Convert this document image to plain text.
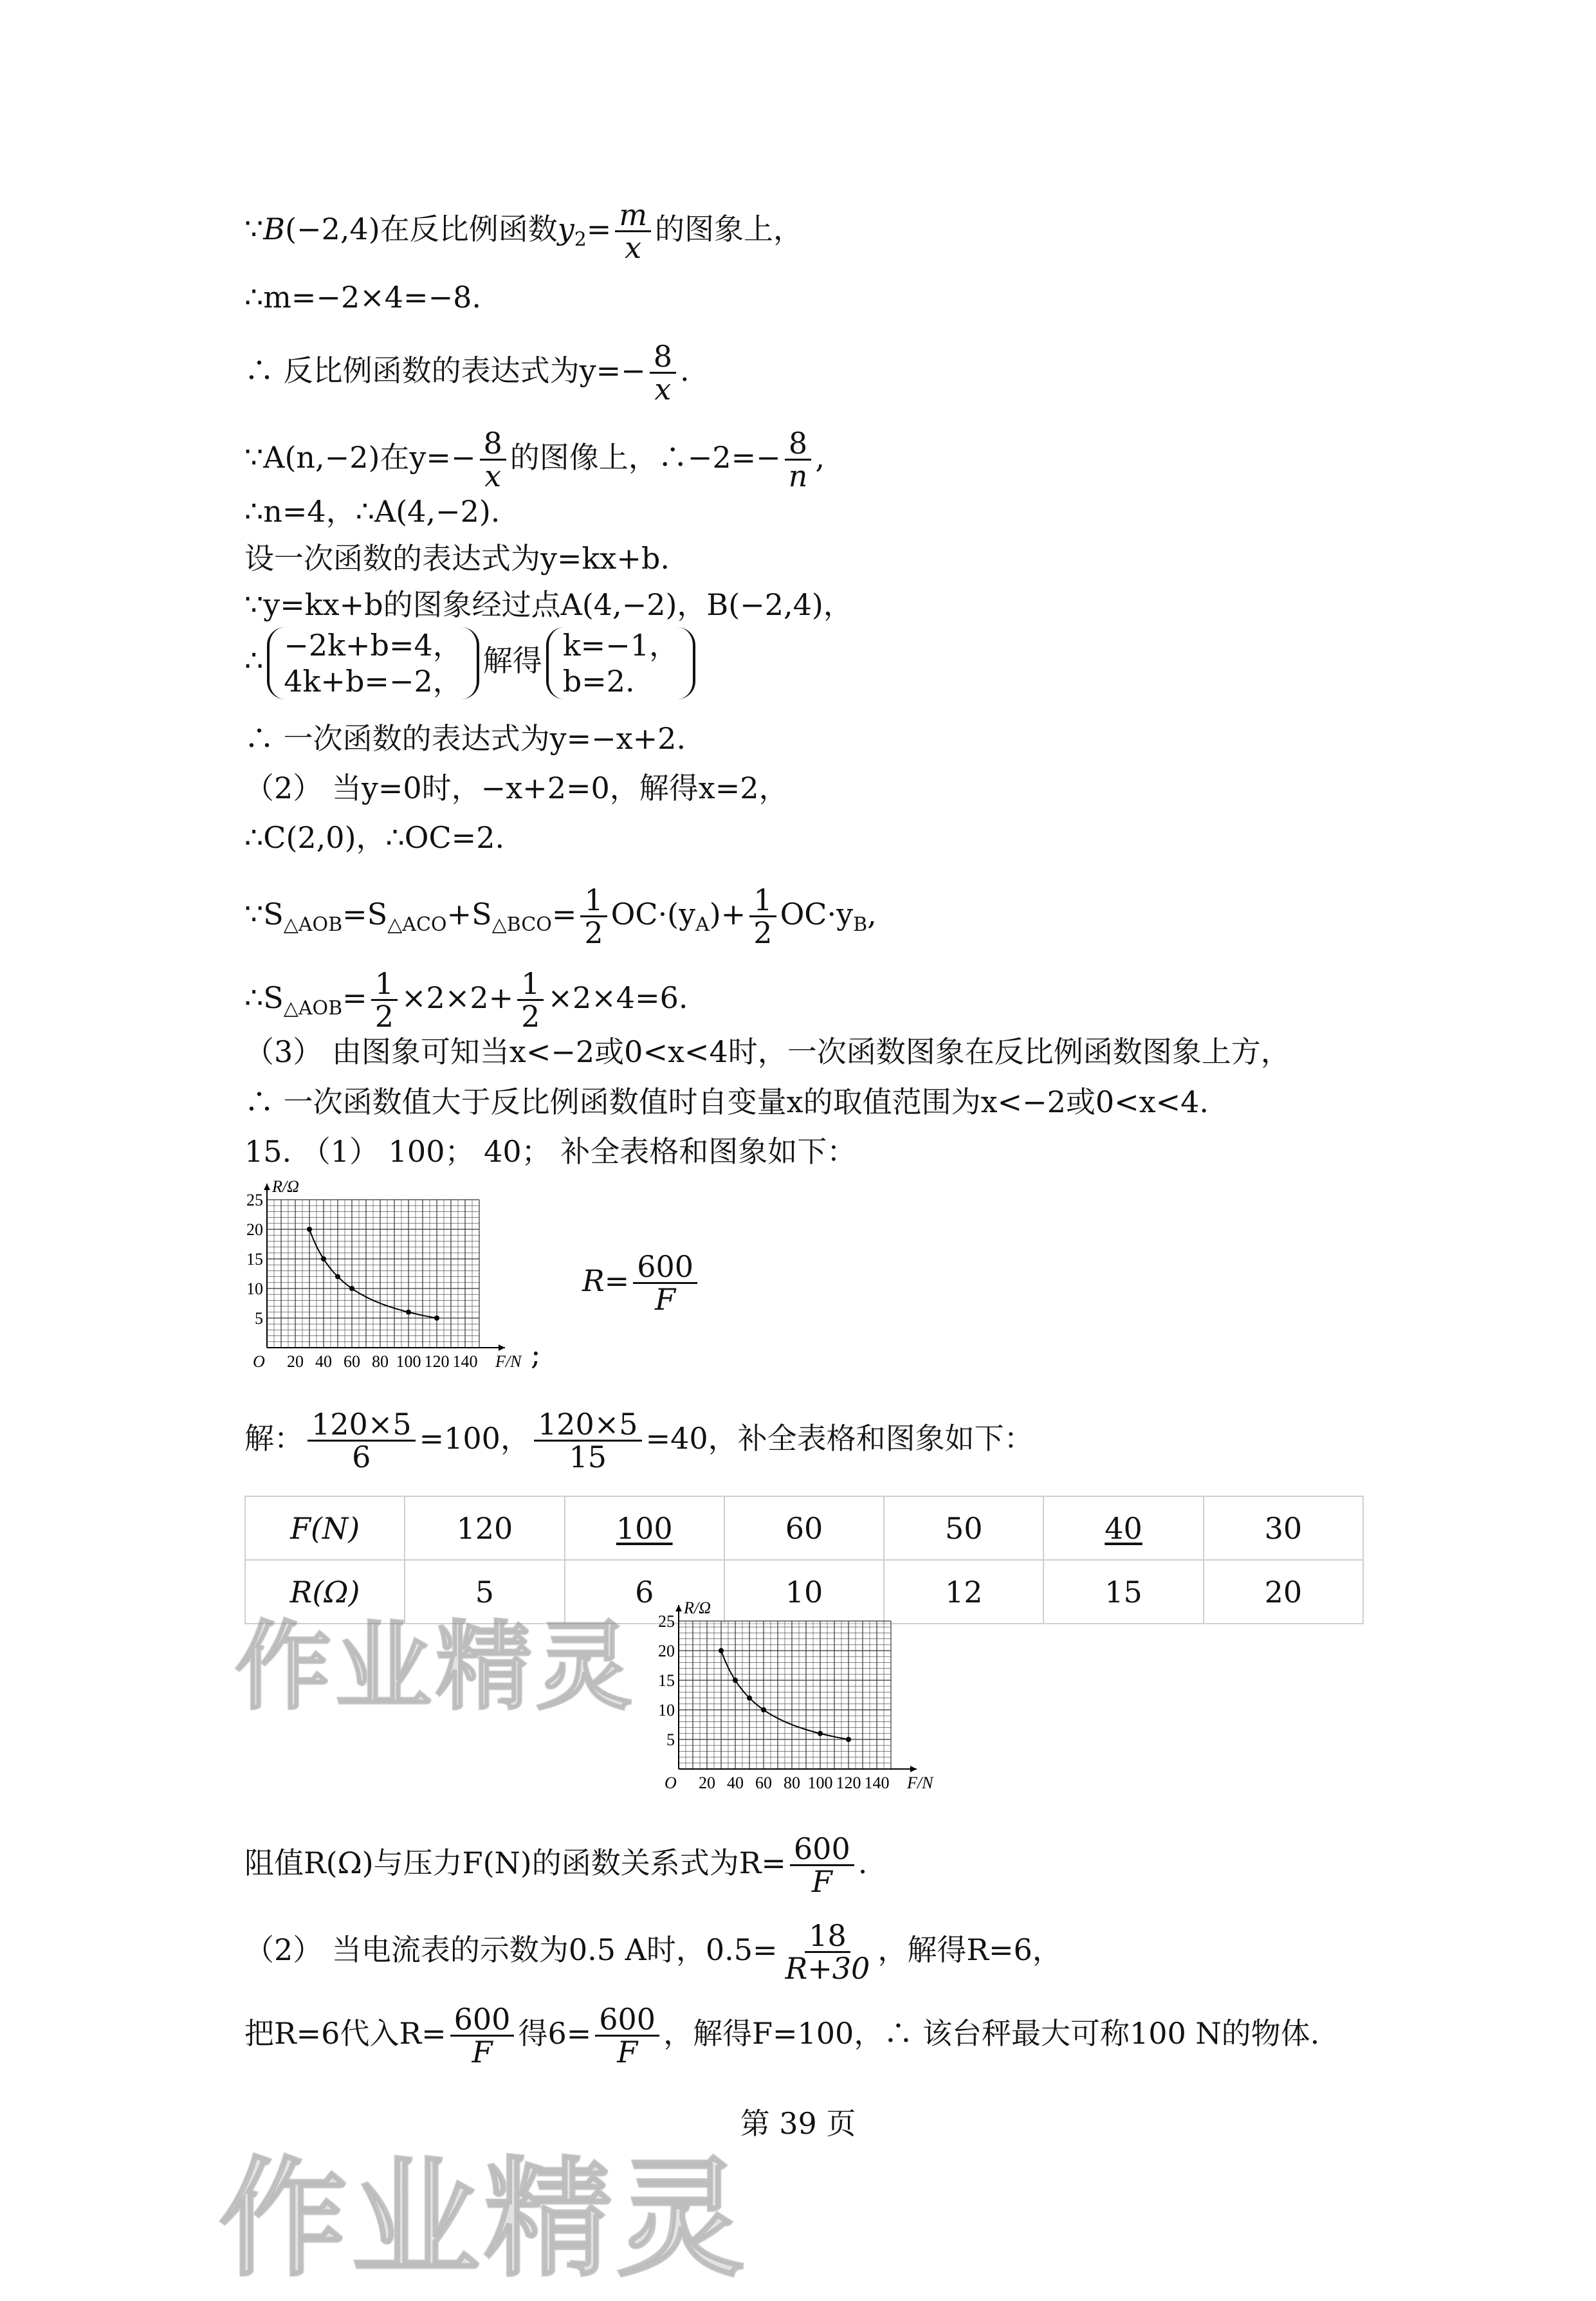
∵B(−2,4)在反比例函数$y_2= \frac{m}{x}$ 的图象上，
∴m=−2×4=−8.
∴ 反比例函数的表达式为$y=- \frac{8}{x}$ .
∵A(n,−2)在$y=- \frac{8}{x}$ 的图像上，∴−2=− $\frac{8}{n}$ ,
∴n=4，∴A(4,−2).
设一次函数的表达式为y=kx+b.
∵y=kx+b的图象经过点A(4,−2)，B(−2,4)，
∴ −2k+b=4，
4k+b=−2，
解得 k=−1，
b=2.
∴ 一次函数的表达式为y=−x+2.
（2） 当y=0时，−x+2=0，解得x=2，
∴C(2,0)，∴OC=2.
$\because S_{\triangle AOB}=S_{\triangle ACO}+S_{\triangle BCO}= \frac{1}{2} OC\cdot(y_A)+ \frac{1}{2} OC\cdot y_B$,
$\therefore S_{\triangle AOB}= \frac{1}{2} \times 2\times 2+ \frac{1}{2} \times 2\times 4=6$.
（3） 由图象可知当x<−2或0<x<4时，一次函数图象在反比例函数图象上方，
∴ 一次函数值大于反比例函数值时自变量x的取值范围为x<−2或0<x<4.
15. （1） 100； 40； 补全表格和图象如下：
R/Ω
F/N
O 20 40 60 80 100 120 140
5
10
15
20
25
;
$R= \frac{600}{F}$
解： $\frac{120\times 5}{6} =100$， $\frac{120\times 5}{15} =40$，补全表格和图象如下：
F(N)	120	100	60	50	40	30
R(Ω)	5	6	10	12	15	20
作业精灵
R/Ω
F/N
O 20 40 60 80 100 120 140
5
10
15
20
25
阻值R(Ω)与压力F(N)的函数关系式为$R= \frac{600}{F}$ .
（2） 当电流表的示数为0.5 A时，$0.5= \frac{18}{R+30}$ ，解得R=6，
把R=6代入$R= \frac{600}{F}$ 得$6= \frac{600}{F}$ ，解得F=100，∴ 该台秤最大可称100 N的物体.
第 39 页
作业精灵
